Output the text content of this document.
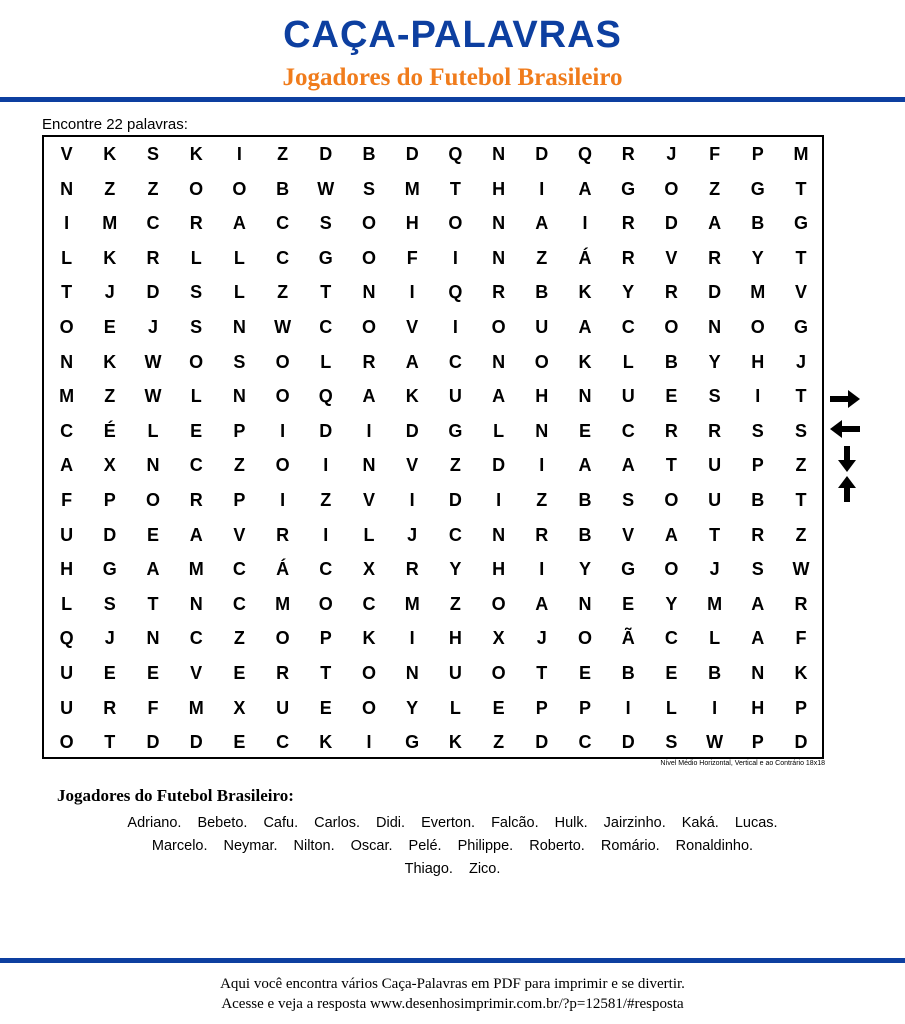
CAÇA-PALAVRAS
Jogadores do Futebol Brasileiro
Encontre 22 palavras:
V	K	S	K	I	Z	D	B	D	Q	N	D	Q	R	J	F	P	M
N	Z	Z	O	O	B	W	S	M	T	H	I	A	G	O	Z	G	T
I	M	C	R	A	C	S	O	H	O	N	A	I	R	D	A	B	G
L	K	R	L	L	C	G	O	F	I	N	Z	Á	R	V	R	Y	T
T	J	D	S	L	Z	T	N	I	Q	R	B	K	Y	R	D	M	V
O	E	J	S	N	W	C	O	V	I	O	U	A	C	O	N	O	G
N	K	W	O	S	O	L	R	A	C	N	O	K	L	B	Y	H	J
M	Z	W	L	N	O	Q	A	K	U	A	H	N	U	E	S	I	T
C	É	L	E	P	I	D	I	D	G	L	N	E	C	R	R	S	S
A	X	N	C	Z	O	I	N	V	Z	D	I	A	A	T	U	P	Z
F	P	O	R	P	I	Z	V	I	D	I	Z	B	S	O	U	B	T
U	D	E	A	V	R	I	L	J	C	N	R	B	V	A	T	R	Z
H	G	A	M	C	Á	C	X	R	Y	H	I	Y	G	O	J	S	W
L	S	T	N	C	M	O	C	M	Z	O	A	N	E	Y	M	A	R
Q	J	N	C	Z	O	P	K	I	H	X	J	O	Ã	C	L	A	F
U	E	E	V	E	R	T	O	N	U	O	T	E	B	E	B	N	K
U	R	F	M	X	U	E	O	Y	L	E	P	P	I	L	I	H	P
O	T	D	D	E	C	K	I	G	K	Z	D	C	D	S	W	P	D
Nível Médio Horizontal, Vertical e ao Contrário 18x18
Jogadores do Futebol Brasileiro:
Adriano. Bebeto. Cafu. Carlos. Didi. Everton. Falcão. Hulk. Jairzinho. Kaká. Lucas.
Marcelo. Neymar. Nilton. Oscar. Pelé. Philippe. Roberto. Romário. Ronaldinho.
Thiago. Zico.
Aqui você encontra vários Caça-Palavras em PDF para imprimir e se divertir.
Acesse e veja a resposta www.desenhosimprimir.com.br/?p=12581/#resposta
